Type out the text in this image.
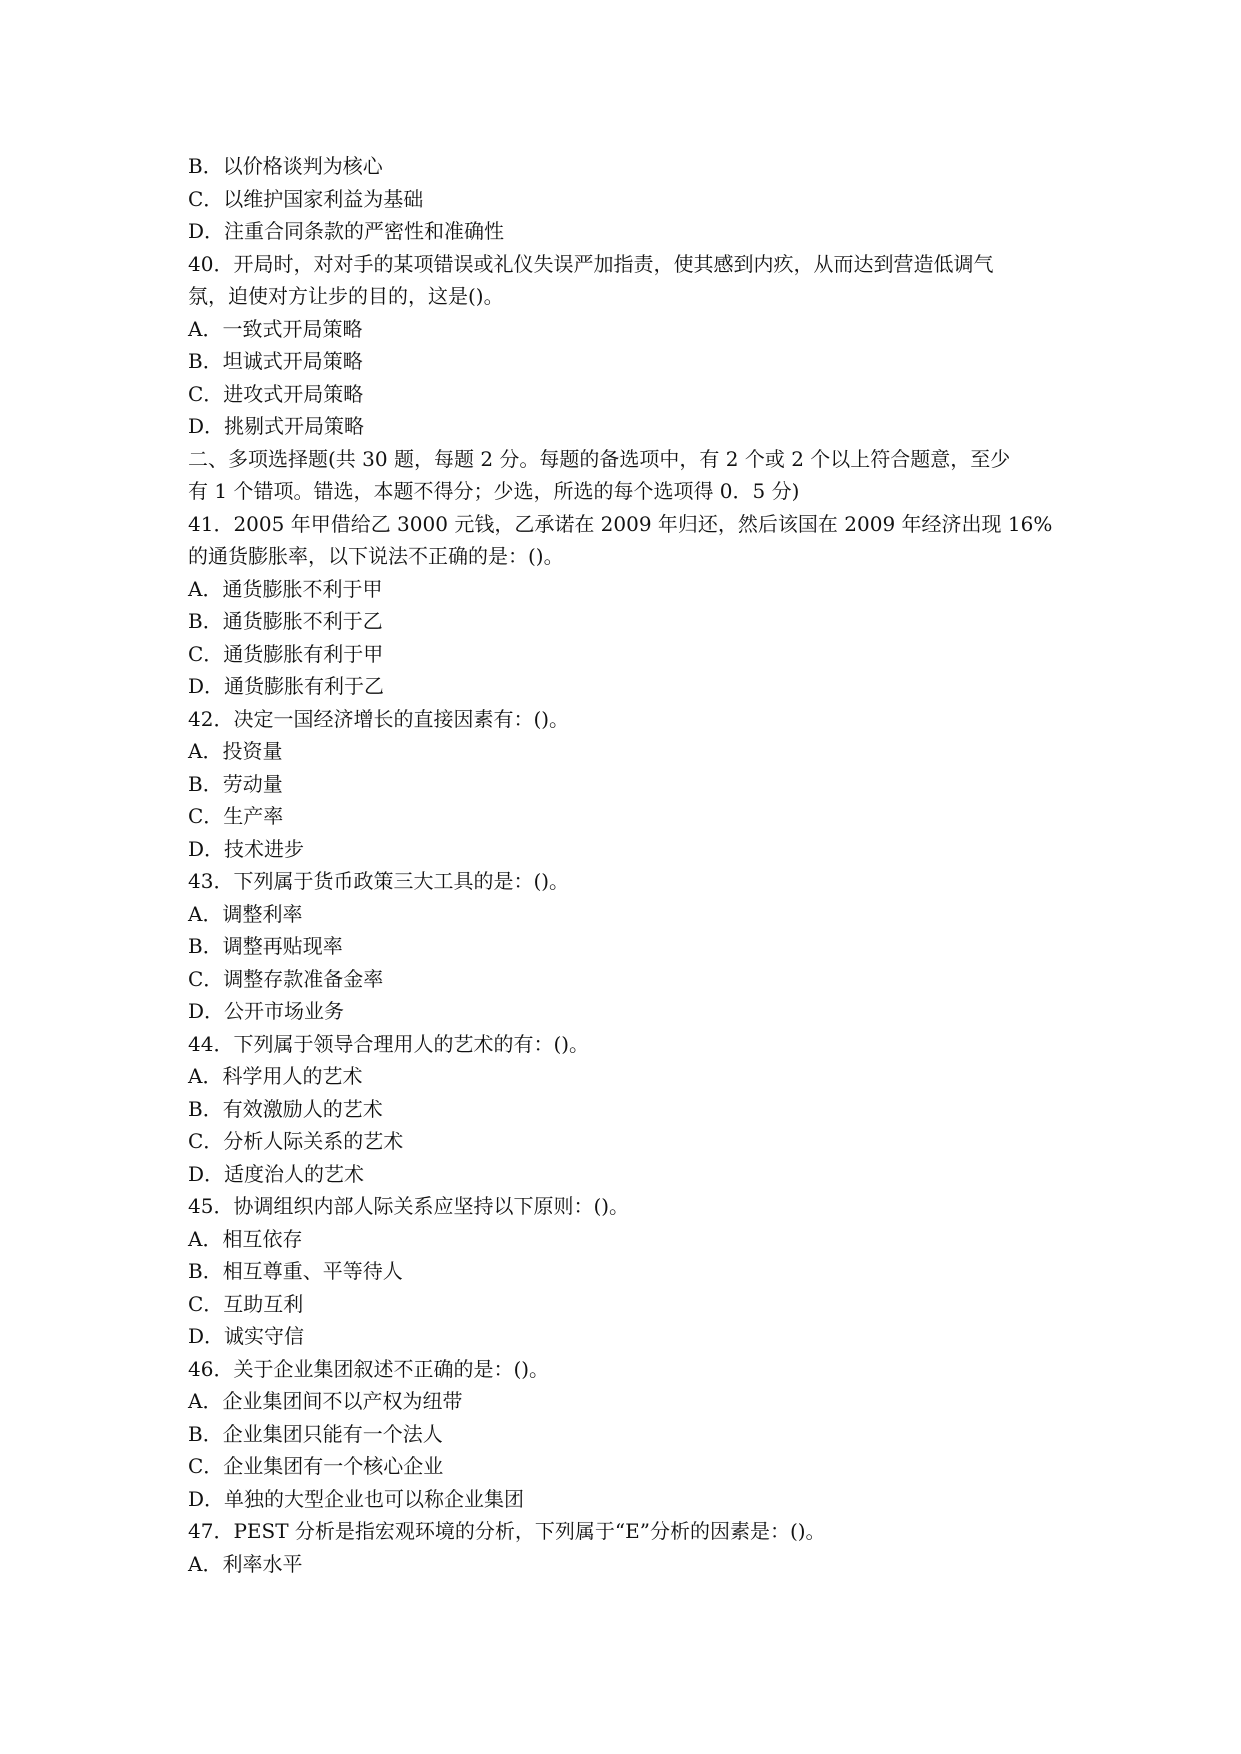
B．以价格谈判为核心
C．以维护国家利益为基础
D．注重合同条款的严密性和准确性
40．开局时，对对手的某项错误或礼仪失误严加指责，使其感到内疚，从而达到营造低调气
氛，迫使对方让步的目的，这是()。
A．一致式开局策略
B．坦诚式开局策略
C．进攻式开局策略
D．挑剔式开局策略
二、多项选择题(共 30 题，每题 2 分。每题的备选项中，有 2 个或 2 个以上符合题意，至少
有 1 个错项。错选，本题不得分；少选，所选的每个选项得 0．5 分)
41．2005 年甲借给乙 3000 元钱，乙承诺在 2009 年归还，然后该国在 2009 年经济出现 16%
的通货膨胀率，以下说法不正确的是：()。
A．通货膨胀不利于甲
B．通货膨胀不利于乙
C．通货膨胀有利于甲
D．通货膨胀有利于乙
42．决定一国经济增长的直接因素有：()。
A．投资量
B．劳动量
C．生产率
D．技术进步
43．下列属于货币政策三大工具的是：()。
A．调整利率
B．调整再贴现率
C．调整存款准备金率
D．公开市场业务
44．下列属于领导合理用人的艺术的有：()。
A．科学用人的艺术
B．有效激励人的艺术
C．分析人际关系的艺术
D．适度治人的艺术
45．协调组织内部人际关系应坚持以下原则：()。
A．相互依存
B．相互尊重、平等待人
C．互助互利
D．诚实守信
46．关于企业集团叙述不正确的是：()。
A．企业集团间不以产权为纽带
B．企业集团只能有一个法人
C．企业集团有一个核心企业
D．单独的大型企业也可以称企业集团
47．PEST 分析是指宏观环境的分析，下列属于“E”分析的因素是：()。
A．利率水平
